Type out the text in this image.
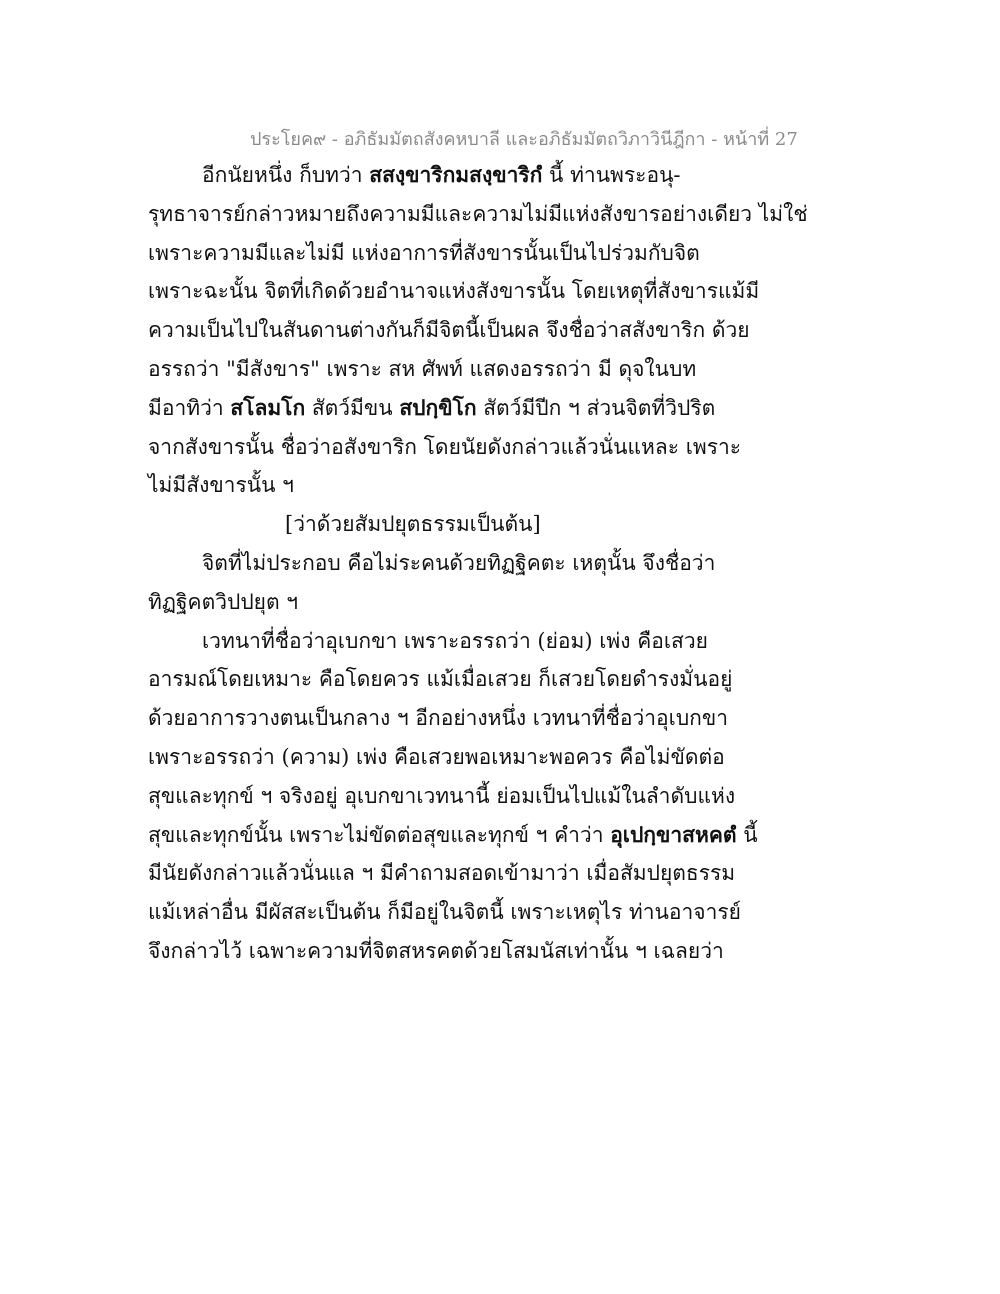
ประโยค๙ - อภิธัมมัตถสังคหบาลี และอภิธัมมัตถวิภาวินีฎีกา - หน้าที่ 27
อีกนัยหนึ่ง ก็บทว่า สสงฺขาริกมสงฺขาริกํ นี้ ท่านพระอนุ-
รุทธาจารย์กล่าวหมายถึงความมีและความไม่มีแห่งสังขารอย่างเดียว ไม่ใช่
เพราะความมีและไม่มี แห่งอาการที่สังขารนั้นเป็นไปร่วมกับจิต
เพราะฉะนั้น จิตที่เกิดด้วยอำนาจแห่งสังขารนั้น โดยเหตุที่สังขารแม้มี
ความเป็นไปในสันดานต่างกันก็มีจิตนี้เป็นผล จึงชื่อว่าสสังขาริก ด้วย
อรรถว่า "มีสังขาร" เพราะ สห ศัพท์ แสดงอรรถว่า มี ดุจในบท
มีอาทิว่า สโลมโก สัตว์มีขน สปกฺขิโก สัตว์มีปีก ฯ ส่วนจิตที่วิปริต
จากสังขารนั้น ชื่อว่าอสังขาริก โดยนัยดังกล่าวแล้วนั่นแหละ เพราะ
ไม่มีสังขารนั้น ฯ
[ว่าด้วยสัมปยุตธรรมเป็นต้น]
จิตที่ไม่ประกอบ คือไม่ระคนด้วยทิฏฐิคตะ เหตุนั้น จึงชื่อว่า
ทิฏฐิคตวิปปยุต ฯ
เวทนาที่ชื่อว่าอุเบกขา เพราะอรรถว่า (ย่อม) เพ่ง คือเสวย
อารมณ์โดยเหมาะ คือโดยควร แม้เมื่อเสวย ก็เสวยโดยดำรงมั่นอยู่
ด้วยอาการวางตนเป็นกลาง ฯ อีกอย่างหนึ่ง เวทนาที่ชื่อว่าอุเบกขา
เพราะอรรถว่า (ความ) เพ่ง คือเสวยพอเหมาะพอควร คือไม่ขัดต่อ
สุขและทุกข์ ฯ จริงอยู่ อุเบกขาเวทนานี้ ย่อมเป็นไปแม้ในลำดับแห่ง
สุขและทุกข์นั้น เพราะไม่ขัดต่อสุขและทุกข์ ฯ คำว่า อุเปกฺขาสหคตํ นี้
มีนัยดังกล่าวแล้วนั่นแล ฯ มีคำถามสอดเข้ามาว่า เมื่อสัมปยุตธรรม
แม้เหล่าอื่น มีผัสสะเป็นต้น ก็มีอยู่ในจิตนี้ เพราะเหตุไร ท่านอาจารย์
จึงกล่าวไว้ เฉพาะความที่จิตสหรคตด้วยโสมนัสเท่านั้น ฯ เฉลยว่า
